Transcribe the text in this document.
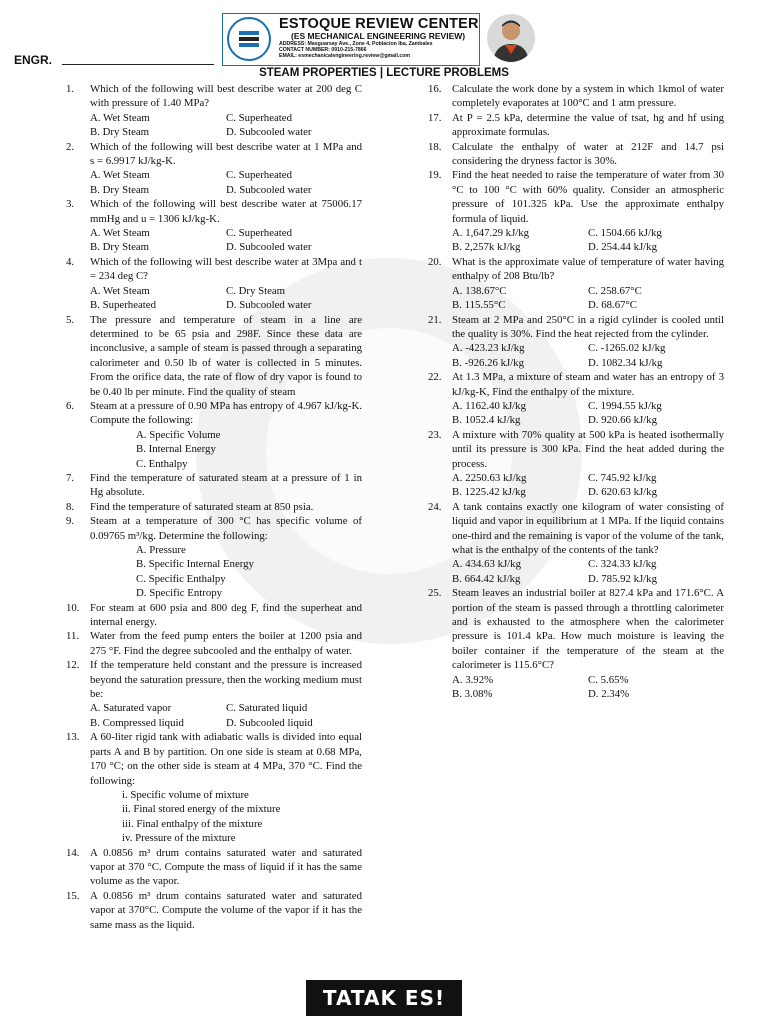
ESTOQUE REVIEW CENTER
(ES MECHANICAL ENGINEERING REVIEW)
ADDRESS: Masguarsay Ave., Zone 4, Poblacion Iba, Zambales
CONTACT NUMBER: 0910-215-7866
EMAIL: esmechanicalengineering.review@gmail.com
ENGR.
STEAM PROPERTIES | LECTURE PROBLEMS
1. Which of the following will best describe water at 200 deg C with pressure of 1.40 MPa?
A. Wet Steam	C. Superheated
B. Dry Steam	D. Subcooled water
2. Which of the following will best describe water at 1 MPa and s = 6.9917 kJ/kg-K.
A. Wet Steam	C. Superheated
B. Dry Steam	D. Subcooled water
3. Which of the following will best describe water at 75006.17 mmHg and u = 1306 kJ/kg-K.
A. Wet Steam	C. Superheated
B. Dry Steam	D. Subcooled water
4. Which of the following will best describe water at 3Mpa and t = 234 deg C?
A. Wet Steam	C. Dry Steam
B. Superheated	D. Subcooled water
5. The pressure and temperature of steam in a line are determined to be 65 psia and 298F. Since these data are inconclusive, a sample of steam is passed through a separating calorimeter and 0.50 lb of water is collected in 5 minutes. From the orifice data, the rate of flow of dry vapor is found to be 0.40 lb per minute. Find the quality of steam
6. Steam at a pressure of 0.90 MPa has entropy of 4.967 kJ/kg-K. Compute the following:
A. Specific Volume
B. Internal Energy
C. Enthalpy
7. Find the temperature of saturated steam at a pressure of 1 in Hg absolute.
8. Find the temperature of saturated steam at 850 psia.
9. Steam at a temperature of 300 °C has specific volume of 0.09765 m³/kg. Determine the following:
A. Pressure
B. Specific Internal Energy
C. Specific Enthalpy
D. Specific Entropy
10. For steam at 600 psia and 800 deg F, find the superheat and internal energy.
11. Water from the feed pump enters the boiler at 1200 psia and 275 °F. Find the degree subcooled and the enthalpy of water.
12. If the temperature held constant and the pressure is increased beyond the saturation pressure, then the working medium must be:
A. Saturated vapor	C. Saturated liquid
B. Compressed liquid	D. Subcooled liquid
13. A 60-liter rigid tank with adiabatic walls is divided into equal parts A and B by partition. On one side is steam at 0.68 MPa, 170 °C; on the other side is steam at 4 MPa, 370 °C. Find the following:
i. Specific volume of mixture
ii. Final stored energy of the mixture
iii. Final enthalpy of the mixture
iv. Pressure of the mixture
14. A 0.0856 m³ drum contains saturated water and saturated vapor at 370 °C. Compute the mass of liquid if it has the same volume as the vapor.
15. A 0.0856 m³ drum contains saturated water and saturated vapor at 370°C. Compute the volume of the vapor if it has the same mass as the liquid.
16. Calculate the work done by a system in which 1kmol of water completely evaporates at 100°C and 1 atm pressure.
17. At P = 2.5 kPa, determine the value of tsat, hg and hf using approximate formulas.
18. Calculate the enthalpy of water at 212F and 14.7 psi considering the dryness factor is 30%.
19. Find the heat needed to raise the temperature of water from 30 °C to 100 °C with 60% quality. Consider an atmospheric pressure of 101.325 kPa. Use the approximate enthalpy formula of liquid.
A. 1,647.29 kJ/kg	C. 1504.66 kJ/kg
B. 2,257k kJ/kg	D. 254.44 kJ/kg
20. What is the approximate value of temperature of water having enthalpy of 208 Btu/lb?
A. 138.67°C	C. 258.67°C
B. 115.55°C	D. 68.67°C
21. Steam at 2 MPa and 250°C in a rigid cylinder is cooled until the quality is 30%. Find the heat rejected from the cylinder.
A. -423.23 kJ/kg	C. -1265.02 kJ/kg
B. -926.26 kJ/kg	D. 1082.34 kJ/kg
22. At 1.3 MPa, a mixture of steam and water has an entropy of 3 kJ/kg-K, Find the enthalpy of the mixture.
A. 1162.40 kJ/kg	C. 1994.55 kJ/kg
B. 1052.4 kJ/kg	D. 920.66 kJ/kg
23. A mixture with 70% quality at 500 kPa is heated isothermally until its pressure is 300 kPa. Find the heat added during the process.
A. 2250.63 kJ/kg	C. 745.92 kJ/kg
B. 1225.42 kJ/kg	D. 620.63 kJ/kg
24. A tank contains exactly one kilogram of water consisting of liquid and vapor in equilibrium at 1 MPa. If the liquid contains one-third and the remaining is vapor of the volume of the tank, what is the enthalpy of the contents of the tank?
A. 434.63 kJ/kg	C. 324.33 kJ/kg
B. 664.42 kJ/kg	D. 785.92 kJ/kg
25. Steam leaves an industrial boiler at 827.4 kPa and 171.6°C. A portion of the steam is passed through a throttling calorimeter and is exhausted to the atmosphere when the calorimeter pressure is 101.4 kPa. How much moisture is leaving the boiler container if the temperature of the steam at the calorimeter is 115.6°C?
A. 3.92%	C. 5.65%
B. 3.08%	D. 2.34%
TATAK ES!
